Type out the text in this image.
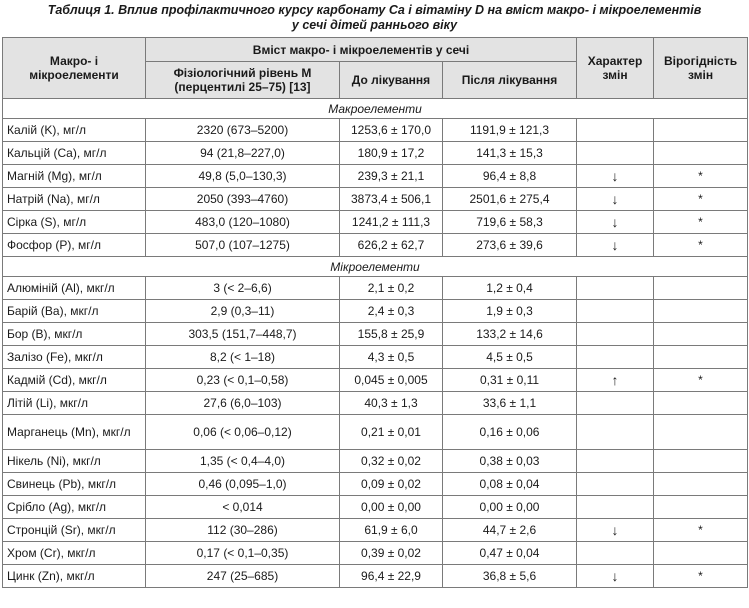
Таблиця 1. Вплив профілактичного курсу карбонату Ca і вітаміну D на вміст макро- і мікроелементів
у сечі дітей раннього віку
Макро- і мікроелементи	Вміст макро- і мікроелементів у сечі			Характер змін	Вірогідність змін
	Фізіологічний рівень М (перцентилі 25–75) [13]	До лікування	Після лікування		
Макроелементи					
Калій (K), мг/л	2320 (673–5200)	1253,6 ± 170,0	1191,9 ± 121,3		
Кальцій (Ca), мг/л	94 (21,8–227,0)	180,9 ± 17,2	141,3 ± 15,3		
Магній (Mg), мг/л	49,8 (5,0–130,3)	239,3 ± 21,1	96,4 ± 8,8	↓	*
Натрій (Na), мг/л	2050 (393–4760)	3873,4 ± 506,1	2501,6 ± 275,4	↓	*
Сірка (S), мг/л	483,0 (120–1080)	1241,2 ± 111,3	719,6 ± 58,3	↓	*
Фосфор (P), мг/л	507,0 (107–1275)	626,2 ± 62,7	273,6 ± 39,6	↓	*
Мікроелементи					
Алюміній (Al), мкг/л	3 (< 2–6,6)	2,1 ± 0,2	1,2 ± 0,4		
Барій (Ba), мкг/л	2,9 (0,3–11)	2,4 ± 0,3	1,9 ± 0,3		
Бор (B), мкг/л	303,5 (151,7–448,7)	155,8 ± 25,9	133,2 ± 14,6		
Залізо (Fe), мкг/л	8,2 (< 1–18)	4,3 ± 0,5	4,5 ± 0,5		
Кадмій (Cd), мкг/л	0,23 (< 0,1–0,58)	0,045 ± 0,005	0,31 ± 0,11	↑	*
Літій (Li), мкг/л	27,6 (6,0–103)	40,3 ± 1,3	33,6 ± 1,1		
Марганець (Mn), мкг/л	0,06 (< 0,06–0,12)	0,21 ± 0,01	0,16 ± 0,06		
Нікель (Ni), мкг/л	1,35 (< 0,4–4,0)	0,32 ± 0,02	0,38 ± 0,03		
Свинець (Pb), мкг/л	0,46 (0,095–1,0)	0,09 ± 0,02	0,08 ± 0,04		
Срібло (Ag), мкг/л	< 0,014	0,00 ± 0,00	0,00 ± 0,00		
Стронцій (Sr), мкг/л	112 (30–286)	61,9 ± 6,0	44,7 ± 2,6	↓	*
Хром (Cr), мкг/л	0,17 (< 0,1–0,35)	0,39 ± 0,02	0,47 ± 0,04		
Цинк (Zn), мкг/л	247 (25–685)	96,4 ± 22,9	36,8 ± 5,6	↓	*
